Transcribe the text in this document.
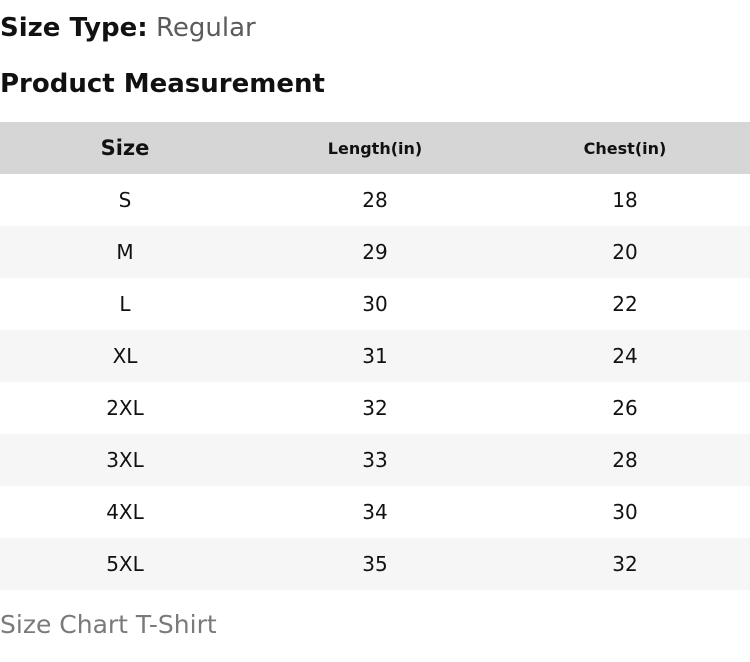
Size Type: Regular
Product Measurement
Size	Length(in)	Chest(in)
S	28	18
M	29	20
L	30	22
XL	31	24
2XL	32	26
3XL	33	28
4XL	34	30
5XL	35	32
Size Chart T-Shirt
